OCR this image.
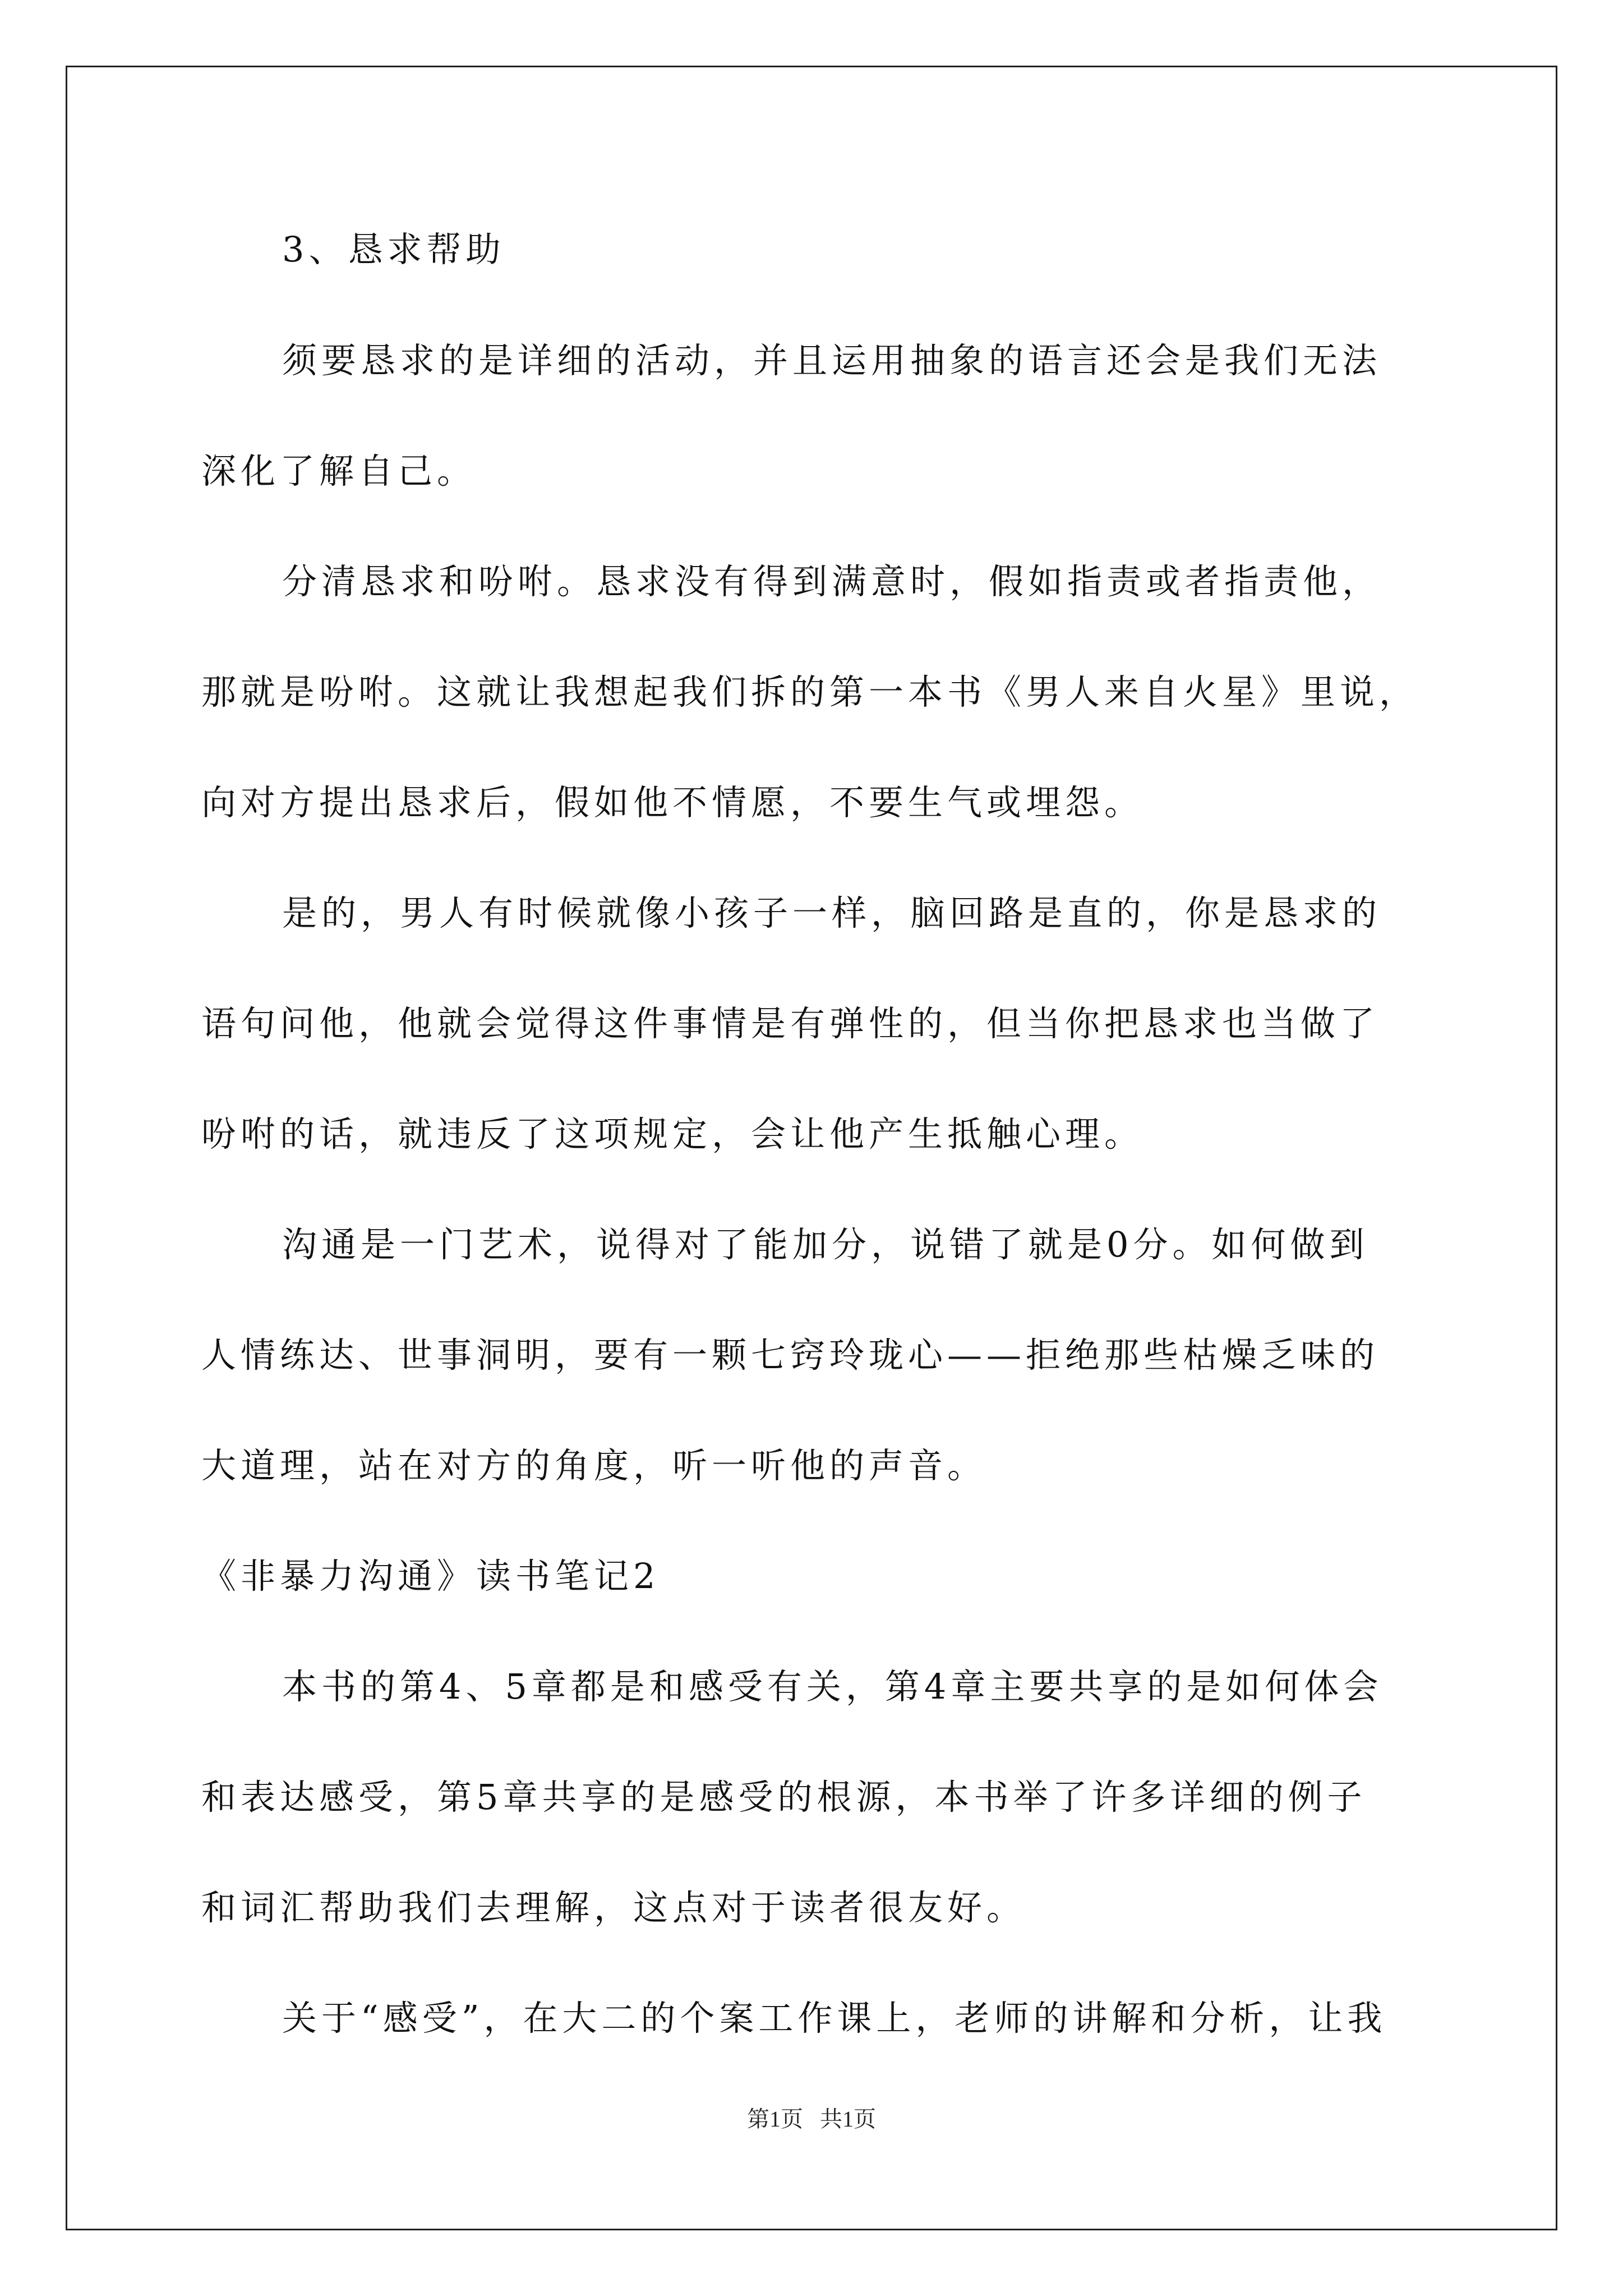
3、恳求帮助
须要恳求的是详细的活动，并且运用抽象的语言还会是我们无法
深化了解自己。
分清恳求和吩咐。恳求没有得到满意时，假如指责或者指责他，
那就是吩咐。这就让我想起我们拆的第一本书《男人来自火星》里说，
向对方提出恳求后，假如他不情愿，不要生气或埋怨。
是的，男人有时候就像小孩子一样，脑回路是直的，你是恳求的
语句问他，他就会觉得这件事情是有弹性的，但当你把恳求也当做了
吩咐的话，就违反了这项规定，会让他产生抵触心理。
沟通是一门艺术，说得对了能加分，说错了就是0分。如何做到
人情练达、世事洞明，要有一颗七窍玲珑心——拒绝那些枯燥乏味的
大道理，站在对方的角度，听一听他的声音。
《非暴力沟通》读书笔记2
本书的第4、5章都是和感受有关，第4章主要共享的是如何体会
和表达感受，第5章共享的是感受的根源，本书举了许多详细的例子
和词汇帮助我们去理解，这点对于读者很友好。
关于“感受”，在大二的个案工作课上，老师的讲解和分析，让我
第1页   共1页
